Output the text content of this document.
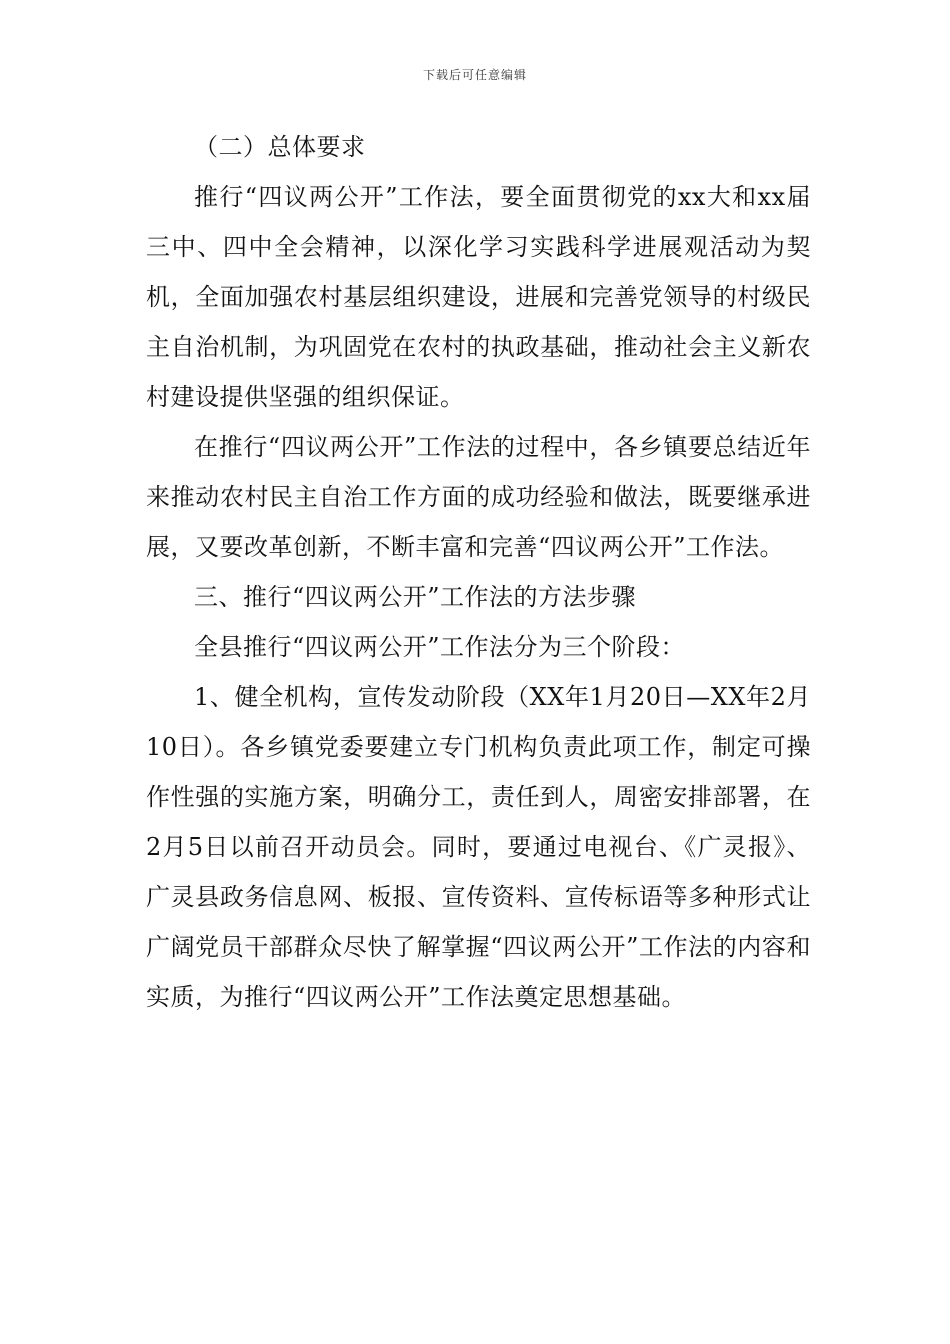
下载后可任意编辑

（二）总体要求

推行“四议两公开”工作法，要全面贯彻党的xx大和xx届三中、四中全会精神，以深化学习实践科学进展观活动为契机，全面加强农村基层组织建设，进展和完善党领导的村级民主自治机制，为巩固党在农村的执政基础，推动社会主义新农村建设提供坚强的组织保证。

在推行“四议两公开”工作法的过程中，各乡镇要总结近年来推动农村民主自治工作方面的成功经验和做法，既要继承进展，又要改革创新，不断丰富和完善“四议两公开”工作法。

三、推行“四议两公开”工作法的方法步骤

全县推行“四议两公开”工作法分为三个阶段：

1、健全机构，宣传发动阶段（XX年1月20日—XX年2月10日）。各乡镇党委要建立专门机构负责此项工作，制定可操作性强的实施方案，明确分工，责任到人，周密安排部署，在2月5日以前召开动员会。同时，要通过电视台、《广灵报》、广灵县政务信息网、板报、宣传资料、宣传标语等多种形式让广阔党员干部群众尽快了解掌握“四议两公开”工作法的内容和实质，为推行“四议两公开”工作法奠定思想基础。
